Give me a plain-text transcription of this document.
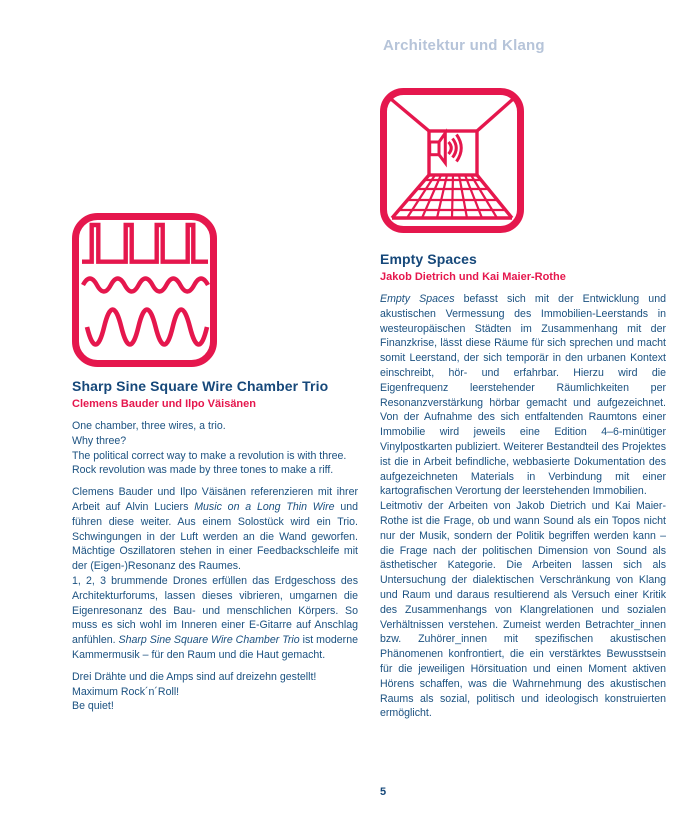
Architektur und Klang
Empty Spaces
Jakob Dietrich und Kai Maier-Rothe

Empty Spaces befasst sich mit der Entwicklung und akustischen Vermessung des Immobilien-Leerstands in westeuropäischen Städten im Zusammenhang mit der Finanzkrise, lässt diese Räume für sich sprechen und macht somit Leerstand, der sich temporär in den urbanen Kontext einschreibt, hör- und erfahrbar. Hierzu wird die Eigenfrequenz leerstehender Räumlichkeiten per Resonanzverstärkung hörbar gemacht und aufgezeichnet. Von der Aufnahme des sich entfaltenden Raumtons einer Immobilie wird jeweils eine Edition 4–6-minütiger Vinylpostkarten publiziert. Weiterer Bestandteil des Projektes ist die in Arbeit befindliche, webbasierte Dokumentation des aufgezeichneten Materials in Verbindung mit einer kartografischen Verortung der leerstehenden Immobilien.

Leitmotiv der Arbeiten von Jakob Dietrich und Kai Maier-Rothe ist die Frage, ob und wann Sound als ein Topos nicht nur der Musik, sondern der Politik begriffen werden kann – die Frage nach der politischen Dimension von Sound als ästhetischer Kategorie. Die Arbeiten lassen sich als Untersuchung der dialektischen Verschränkung von Klang und Raum und daraus resultierend als Versuch einer Kritik des Zusammenhangs von Klangrelationen und sozialen Verhältnissen verstehen. Zumeist werden Betrachter_innen bzw. Zuhörer_innen mit spezifischen akustischen Phänomenen konfrontiert, die ein verstärktes Bewusstsein für die jeweiligen Hörsituation und einen Moment aktiven Hörens schaffen, was die Wahrnehmung des akustischen Raums als sozial, politisch und ideologisch konstruierten ermöglicht.

Sharp Sine Square Wire Chamber Trio
Clemens Bauder und Ilpo Väisänen
One chamber, three wires, a trio.
Why three?
The political correct way to make a revolution is with three.
Rock revolution was made by three tones to make a riff.

Clemens Bauder und Ilpo Väisänen referenzieren mit ihrer Arbeit auf Alvin Luciers Music on a Long Thin Wire und führen diese weiter. Aus einem Solostück wird ein Trio. Schwingungen in der Luft werden an die Wand geworfen. Mächtige Oszillatoren stehen in einer Feedbackschleife mit der (Eigen-)Resonanz des Raumes.

1, 2, 3 brummende Drones erfüllen das Erdgeschoss des Architekturforums, lassen dieses vibrieren, umgarnen die Eigenresonanz des Bau- und menschlichen Körpers. So muss es sich wohl im Inneren einer E-Gitarre auf Anschlag anfühlen. Sharp Sine Square Wire Chamber Trio ist moderne Kammermusik – für den Raum und die Haut gemacht.

Drei Drähte und die Amps sind auf dreizehn gestellt!
Maximum Rock´n´Roll!
Be quiet!
5
